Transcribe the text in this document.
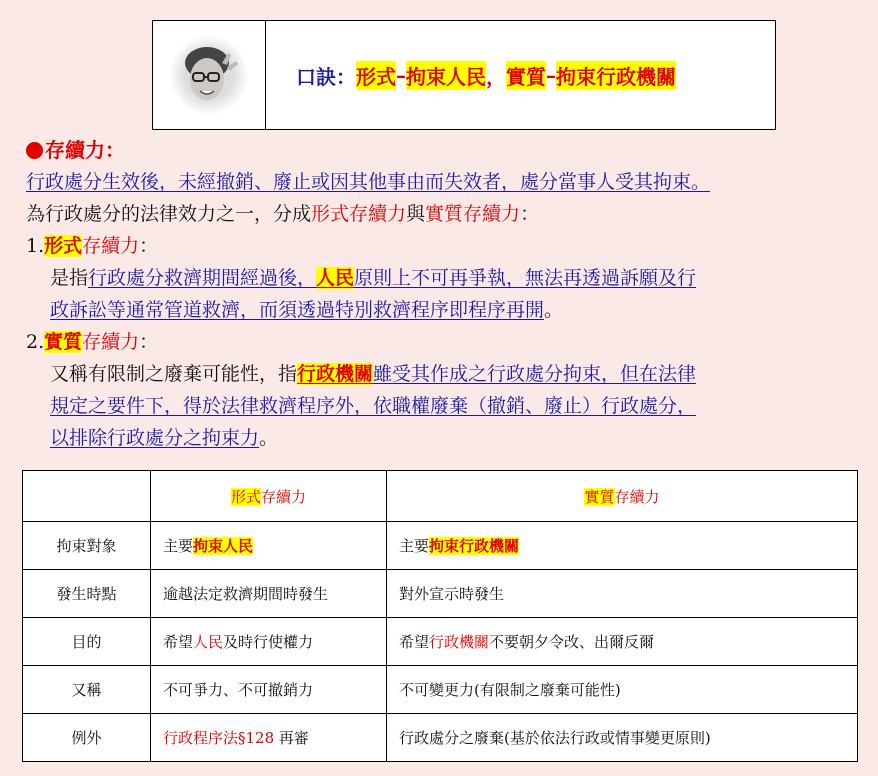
口訣： 形式 – 拘束人民 ， 實質 – 拘束行政機關
存續力：
行政處分生效後，未經撤銷、廢止或因其他事由而失效者，處分當事人受其拘束。
為行政處分的法律效力之一，分成形式存續力與實質存續力：
1.形式存續力：
是指行政處分救濟期間經過後，人民原則上不可再爭執，無法再透過訴願及行
政訴訟等通常管道救濟，而須透過特別救濟程序即程序再開。
2.實質存續力：
又稱有限制之廢棄可能性，指行政機關雖受其作成之行政處分拘束，但在法律
規定之要件下，得於法律救濟程序外，依職權廢棄（撤銷、廢止）行政處分，
以排除行政處分之拘束力。
	形式存續力	實質存續力
拘束對象	主要拘束人民	主要拘束行政機關
發生時點	逾越法定救濟期間時發生	對外宣示時發生
目的	希望人民及時行使權力	希望行政機關不要朝夕令改、出爾反爾
又稱	不可爭力、不可撤銷力	不可變更力(有限制之廢棄可能性)
例外	行政程序法§128 再審	行政處分之廢棄(基於依法行政或情事變更原則)
